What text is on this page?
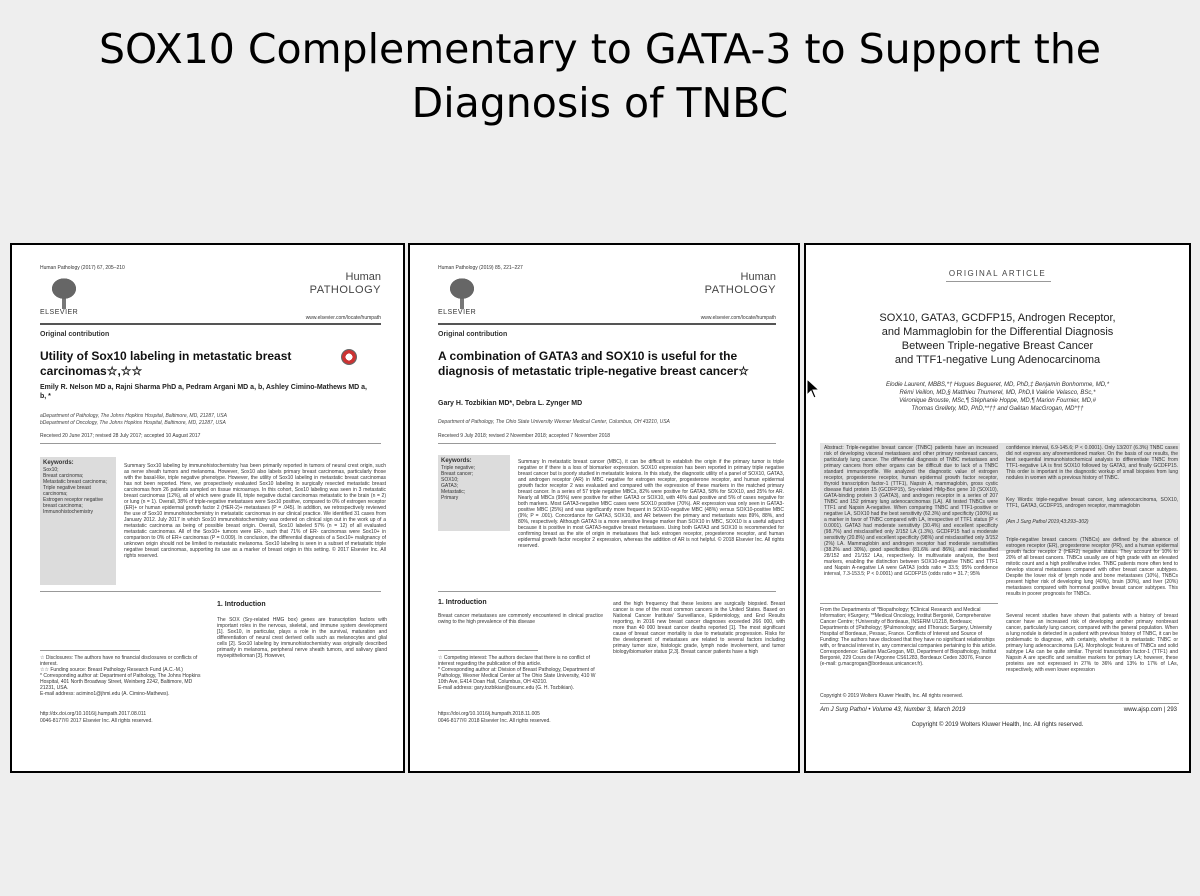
SOX10 Complementary to GATA-3 to Support the
Diagnosis of TNBC
Human Pathology (2017) 67, 205–210
ELSEVIER
Human
PATHOLOGY
www.elsevier.com/locate/humpath
Original contribution
Utility of Sox10 labeling in metastatic breast carcinomas☆,☆☆
Emily R. Nelson MD a, Rajni Sharma PhD a, Pedram Argani MD a, b, Ashley Cimino-Mathews MD a, b, *
aDepartment of Pathology, The Johns Hopkins Hospital, Baltimore, MD, 21287, USA
bDepartment of Oncology, The Johns Hopkins Hospital, Baltimore, MD, 21287, USA
Received 20 June 2017; revised 28 July 2017; accepted 10 August 2017
Keywords:
Sox10;
Breast carcinoma;
Metastatic breast carcinoma;
Triple negative breast carcinoma;
Estrogen receptor negative breast carcinoma;
Immunohistochemistry
Summary Sox10 labeling by immunohistochemistry has been primarily reported in tumors of neural crest origin, such as nerve sheath tumors and melanoma. However, Sox10 also labels primary breast carcinomas, particularly those with the basal-like, triple negative phenotype. However, the utility of Sox10 labeling in metastatic breast carcinomas has not been reported. Here, we prospectively evaluated Sox10 labeling in surgically resected metastatic breast carcinomas from 26 patients sampled on tissue microarrays. In this cohort, Sox10 labeling was seen in 3 metastatic breast carcinomas (12%), all of which were grade III, triple negative ductal carcinomas metastatic to the brain (n = 2) or lung (n = 1). Overall, 38% of triple-negative metastases were Sox10 positive, compared to 0% of estrogen receptor (ER)+ or human epidermal growth factor 2 (HER-2)+ metastases (P = .045). In addition, we retrospectively reviewed the use of Sox10 immunohistochemistry in metastatic carcinomas in our clinical practice. We identified 31 cases from January 2012. July 2017 in which Sox10 immunohistochemistry was ordered on clinical sign out in the work up of a metastatic carcinoma as being of possible breast origin. Overall, Sox10 labeled 57% (n = 12) of all evaluated metastatic carcinomas. All of the Sox10+ tumors were ER-, such that 71% of ER- carcinomas were Sox10+ in comparison to 0% of ER+ carcinomas (P = 0.009). In conclusion, the differential diagnosis of a Sox10+ malignancy of unknown origin should not be limited to metastatic melanoma. Sox10 labeling is seen in a subset of metastatic triple negative breast carcinomas, supporting its use as a marker of breast origin in this setting. © 2017 Elsevier Inc. All rights reserved.
1. Introduction
The SOX (Sry-related HMG box) genes are transcription factors with important roles in the nervous, skeletal, and immune system development [1]. Sox10, in particular, plays a role in the survival, maturation and differentiation of neural crest derived cells such as melanocytes and glial cells [2]. Sox10 labeling by immunohistochemistry was originally described primarily in melanoma, peripheral nerve sheath tumors, and salivary gland myoepithelioman [3]. However,
☆ Disclosures: The authors have no financial disclosures or conflicts of interest.
☆☆ Funding source: Breast Pathology Research Fund (A.C.-M.)
* Corresponding author at: Department of Pathology, The Johns Hopkins Hospital, 401 North Broadway Street, Weinberg 2242, Baltimore, MD 21231, USA.
E-mail address: acimino1@jhmi.edu (A. Cimino-Mathews).
http://dx.doi.org/10.1016/j.humpath.2017.08.011
0046-8177/© 2017 Elsevier Inc. All rights reserved.
Human Pathology (2019) 85, 221–227
ELSEVIER
Human
PATHOLOGY
www.elsevier.com/locate/humpath
Original contribution
A combination of GATA3 and SOX10 is useful for the diagnosis of metastatic triple-negative breast cancer☆
Gary H. Tozbikian MD*, Debra L. Zynger MD
Department of Pathology, The Ohio State University Wexner Medical Center, Columbus, OH 43210, USA
Received 9 July 2018; revised 2 November 2018; accepted 7 November 2018
Keywords:
Triple negative;
Breast cancer;
SOX10;
GATA3;
Metastatic;
Primary
Summary In metastatic breast cancer (MBC), it can be difficult to establish the origin if the primary tumor is triple negative or if there is a loss of biomarker expression. SOX10 expression has been reported in primary triple negative breast cancer but is poorly studied in metastatic lesions. In this study, the diagnostic utility of a panel of SOX10, GATA3, and androgen receptor (AR) in MBC negative for estrogen receptor, progesterone receptor, and human epidermal growth factor receptor 2 was evaluated and compared with the expression of these markers in the matched primary breast cancer. In a series of 57 triple negative MBCs, 82% were positive for GATA3, 58% for SOX10, and 25% for AR. Nearly all MBCs (95%) were positive for either GATA3 or SOX10, with 46% dual positive and 5% of cases negative for both markers. Most GATA3-negative MBC cases were SOX10 positive (70%). AR expression was only seen in GATA3-positive MBC (25%) and was significantly more frequent in SOX10-negative MBC (48%) versus SOX10-positive MBC (9%; P = .001). Concordance for GATA3, SOX10, and AR between the primary and metastasis was 89%, 88%, and 80%, respectively. Although GATA3 is a more sensitive lineage marker than SOX10 in MBC, SOX10 is a useful adjunct because it is positive in most GATA3-negative breast metastases. Using both GATA3 and SOX10 is recommended for confirming breast as the site of origin in metastases that lack estrogen receptor, progesterone receptor, and human epidermal growth factor receptor 2 expression, whereas the addition of AR is not helpful. © 2018 Elsevier Inc. All rights reserved.
1. Introduction
Breast cancer metastases are commonly encountered in clinical practice owing to the high prevalence of this disease
and the high frequency that these lesions are surgically biopsied. Breast cancer is one of the most common cancers in the United States. Based on National Cancer Institute/ Surveillance, Epidemiology, and End Results reporting, in 2016 new breast cancer diagnoses exceeded 266 000, with more than 40 000 breast cancer deaths reported [1]. The most significant cause of breast cancer mortality is due to metastatic progression. Risks for the development of metastases are related to several factors including primary tumor size, histologic grade, lymph node involvement, and tumor biology/biomarker status [2,3]. Breast cancer patients have a high
☆ Competing interest: The authors declare that there is no conflict of interest regarding the publication of this article.
* Corresponding author at: Division of Breast Pathology, Department of Pathology, Wexner Medical Center at The Ohio State University, 410 W 10th Ave, E414 Doan Hall, Columbus, OH 43210.
E-mail address: gary.tozbikian@osumc.edu (G. H. Tozbikian).
https://doi.org/10.1016/j.humpath.2018.11.005
0046-8177/© 2018 Elsevier Inc. All rights reserved.
ORIGINAL ARTICLE
SOX10, GATA3, GCDFP15, Androgen Receptor,
and Mammaglobin for the Differential Diagnosis
Between Triple-negative Breast Cancer
and TTF1-negative Lung Adenocarcinoma
Elodie Laurent, MBBS,*† Hugues Begueret, MD, PhD,‡ Benjamin Bonhomme, MD,*
Rémi Veillon, MD,§ Matthieu Thumerel, MD, PhD,‖ Valérie Velasco, BSc,*
Véronique Brouste, MSc,¶ Stéphanie Hoppe, MD,¶ Marion Fournier, MD,#
Thomas Grellety, MD, PhD,**†† and Gaëtan MacGrogan, MD*††
Abstract: Triple-negative breast cancer (TNBC) patients have an increased risk of developing visceral metastases and other primary nonbreast cancers, particularly lung cancer. The differential diagnosis of TNBC metastases and primary cancers from other organs can be difficult due to lack of a TNBC standard immunoprofile. We analyzed the diagnostic value of estrogen receptor, progesterone receptor, human epidermal growth factor receptor, thyroid transcription factor-1 (TTF1), Napsin A, mammaglobin, gross cystic disease fluid protein 15 (GCDFP15), Sry-related HMg-Box gene 10 (SOX10), GATA-binding protein 3 (GATA3), and androgen receptor in a series of 207 TNBC and 152 primary lung adenocarcinomas (LA). All tested TNBCs were TTF1 and Napsin A-negative. When comparing TNBC and TTF1-positive or negative LA, SOX10 had the best sensitivity (62.3%) and specificity (100%) as a marker in favor of TNBC compared with LA, irrespective of TTF1 status (P < 0.0001). GATA3 had moderate sensitivity (30.4%) and excellent specificity (98.7%) and misclassified only 2/152 LA (1.3%). GCDFP15 had a moderate sensitivity (20.8%) and excellent specificity (98%) and misclassified only 3/152 (2%) LA. Mammaglobin and androgen receptor had moderate sensitivities (38.2% and 30%), good specificities (81.6% and 86%), and misclassified 28/152 and 21/152 LAs, respectively. In multivariate analysis, the best markers, enabling the distinction between SOX10-negative TNBC and TTF1 and Napsin A-negative LA were GATA3 (odds ratio = 33.5; 95% confidence interval, 7.3-153.5; P < 0.0001) and GCDFP15 (odds ratio = 31.7; 95%
confidence interval, 6.9-145.6; P < 0.0001). Only 13/207 (6.3%) TNBC cases did not express any aforementioned marker. On the basis of our results, the best sequential immunohistochemical analysis to differentiate TNBC from TTF1-negative LA is first SOX10 followed by GATA3, and finally GCDFP15. This order is important in the diagnostic workup of small biopsies from lung nodules in women with a previous history of TNBC.
Key Words: triple-negative breast cancer, lung adenocarcinoma, SOX10, TTF1, GATA3, GCDFP15, androgen receptor, mammaglobin
(Am J Surg Pathol 2019;43:293–302)
Triple-negative breast cancers (TNBCs) are defined by the absence of estrogen receptor (ER), progesterone receptor (PR), and a human epidermal growth factor receptor 2 (HER2) negative status. They account for 10% to 20% of all breast cancers. TNBCs usually are of high grade with an elevated mitotic count and a high proliferative index. TNBC patients more often tend to develop visceral metastases compared with other breast cancer subtypes. Despite the lower risk of lymph node and bone metastases (10%), TNBCs present higher risk of developing lung (40%), brain (30%), and liver (20%) metastases compared with hormonal positive breast cancer subtypes. This results in poorer prognosis for TNBCs.
Several recent studies have shown that patients with a history of breast cancer have an increased risk of developing another primary nonbreast cancer, particularly lung cancer, compared with the general population. When a lung nodule is detected in a patient with previous history of TNBC, it can be problematic to diagnose, with certainty, whether it is metastatic TNBC or primary lung adenocarcinoma (LA). Morphologic features of TNBCs and solid subtype LAs can be quite similar. Thyroid transcription factor-1 (TTF1) and Napsin A are specific and sensitive markers for primary LA; however, these proteins are not expressed in 27% to 36% and 13% to 17% of LAs, respectively, with even lower expression
From the Departments of *Biopathology; ¶Clinical Research and Medical Information; #Surgery; **Medical Oncology, Institut Bergonié, Comprehensive Cancer Centre; †University of Bordeaux, INSERM U1218, Bordeaux; Departments of ‡Pathology; §Pulmonology; and ‖Thoracic Surgery, University Hospital of Bordeaux, Pessac, France. Conflicts of Interest and Source of Funding: The authors have disclosed that they have no significant relationships with, or financial interest in, any commercial companies pertaining to this article. Correspondence: Gaëtan MacGrogan, MD, Department of Biopathology, Institut Bergonié, 229 Cours de l'Argonne CS61283, Bordeaux Cedex 33076, France (e-mail: g.macgrogan@bordeaux.unicancer.fr).
Copyright © 2019 Wolters Kluwer Health, Inc. All rights reserved.
Am J Surg Pathol • Volume 43, Number 3, March 2019	www.ajsp.com | 293
Copyright © 2019 Wolters Kluwer Health, Inc. All rights reserved.
